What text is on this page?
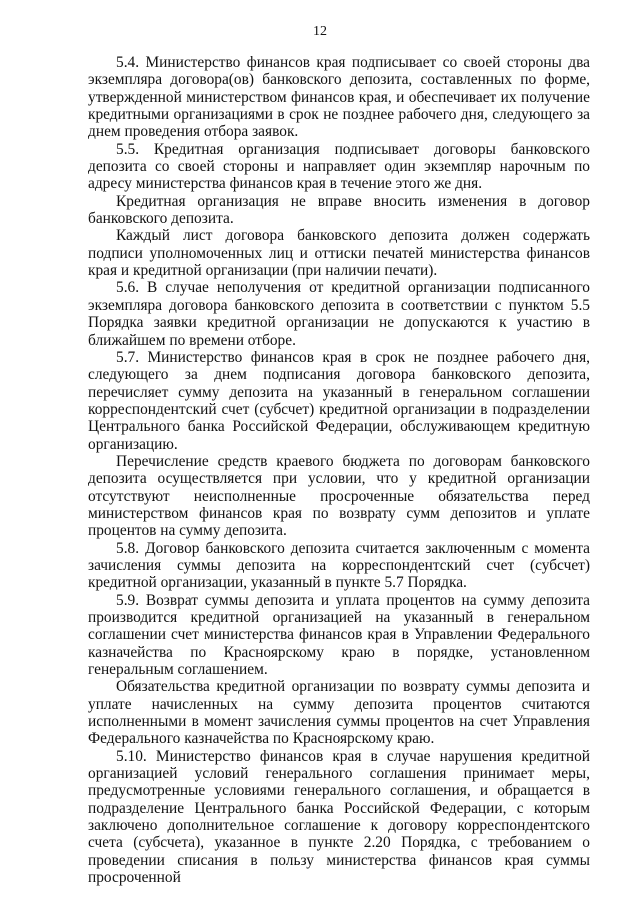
12

5.4. Министерство финансов края подписывает со своей стороны два экземпляра договора(ов) банковского депозита, составленных по форме, утвержденной министерством финансов края, и обеспечивает их получение кредитными организациями в срок не позднее рабочего дня, следующего за днем проведения отбора заявок.

5.5. Кредитная организация подписывает договоры банковского депозита со своей стороны и направляет один экземпляр нарочным по адресу министерства финансов края в течение этого же дня.

Кредитная организация не вправе вносить изменения в договор банковского депозита.

Каждый лист договора банковского депозита должен содержать подписи уполномоченных лиц и оттиски печатей министерства финансов края и кредитной организации (при наличии печати).

5.6. В случае неполучения от кредитной организации подписанного экземпляра договора банковского депозита в соответствии с пунктом 5.5 Порядка заявки кредитной организации не допускаются к участию в ближайшем по времени отборе.

5.7. Министерство финансов края в срок не позднее рабочего дня, следующего за днем подписания договора банковского депозита, перечисляет сумму депозита на указанный в генеральном соглашении корреспондентский счет (субсчет) кредитной организации в подразделении Центрального банка Российской Федерации, обслуживающем кредитную организацию.

Перечисление средств краевого бюджета по договорам банковского депозита осуществляется при условии, что у кредитной организации отсутствуют неисполненные просроченные обязательства перед министерством финансов края по возврату сумм депозитов и уплате процентов на сумму депозита.

5.8. Договор банковского депозита считается заключенным с момента зачисления суммы депозита на корреспондентский счет (субсчет) кредитной организации, указанный в пункте 5.7 Порядка.

5.9. Возврат суммы депозита и уплата процентов на сумму депозита производится кредитной организацией на указанный в генеральном соглашении счет министерства финансов края в Управлении Федерального казначейства по Красноярскому краю в порядке, установленном генеральным соглашением.

Обязательства кредитной организации по возврату суммы депозита и уплате начисленных на сумму депозита процентов считаются исполненными в момент зачисления суммы процентов на счет Управления Федерального казначейства по Красноярскому краю.

5.10. Министерство финансов края в случае нарушения кредитной организацией условий генерального соглашения принимает меры, предусмотренные условиями генерального соглашения, и обращается в подразделение Центрального банка Российской Федерации, с которым заключено дополнительное соглашение к договору корреспондентского счета (субсчета), указанное в пункте 2.20 Порядка, с требованием о проведении списания в пользу министерства финансов края суммы просроченной
